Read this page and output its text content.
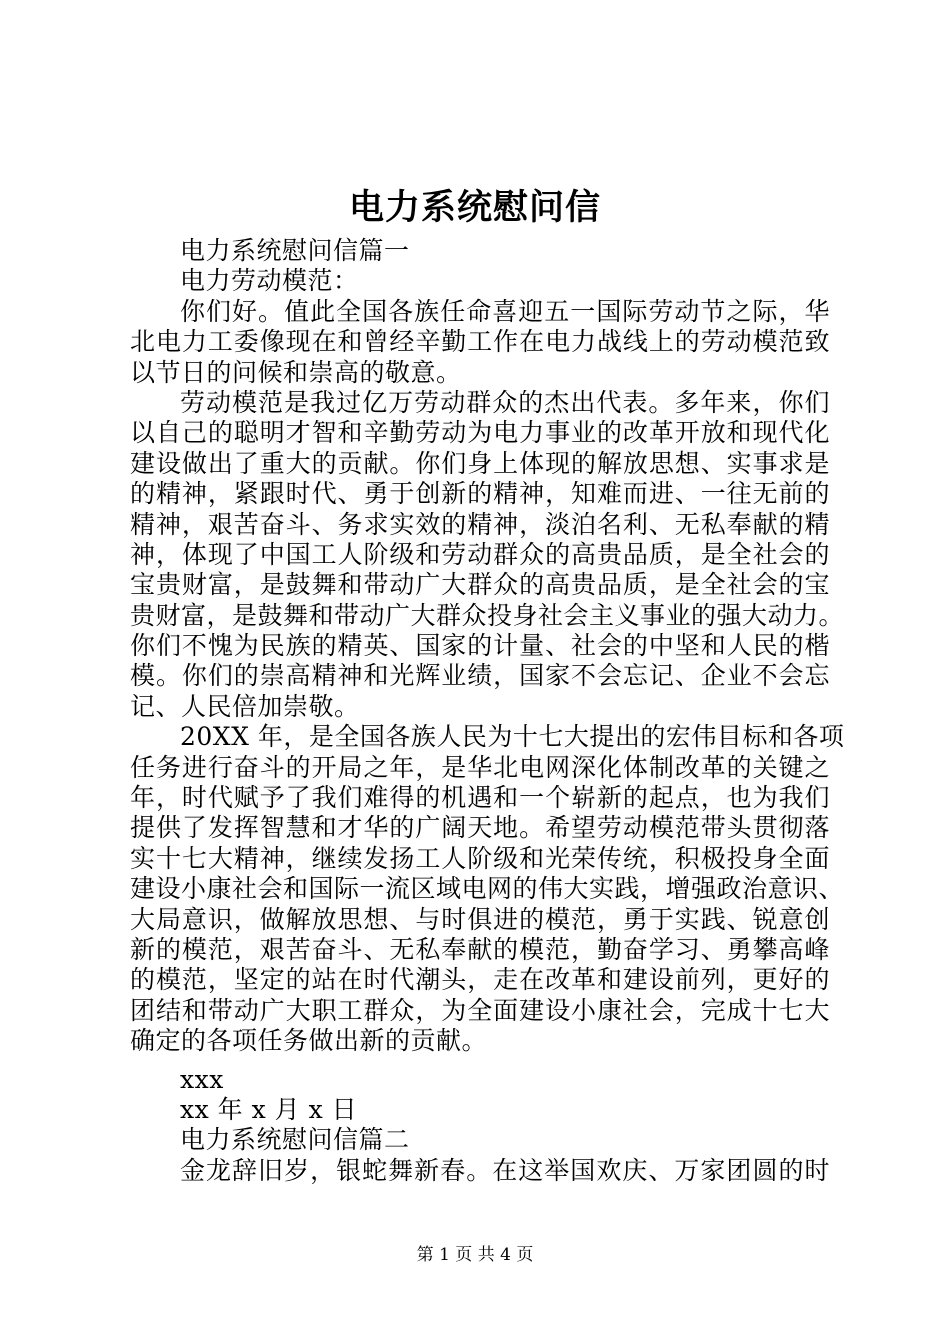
电力系统慰问信
电力系统慰问信篇一
电力劳动模范：
你们好。值此全国各族任命喜迎五一国际劳动节之际，华
北电力工委像现在和曾经辛勤工作在电力战线上的劳动模范致
以节日的问候和崇高的敬意。
劳动模范是我过亿万劳动群众的杰出代表。多年来，你们
以自己的聪明才智和辛勤劳动为电力事业的改革开放和现代化
建设做出了重大的贡献。你们身上体现的解放思想、实事求是
的精神，紧跟时代、勇于创新的精神，知难而进、一往无前的
精神，艰苦奋斗、务求实效的精神，淡泊名利、无私奉献的精
神，体现了中国工人阶级和劳动群众的高贵品质，是全社会的
宝贵财富，是鼓舞和带动广大群众的高贵品质，是全社会的宝
贵财富，是鼓舞和带动广大群众投身社会主义事业的强大动力。
你们不愧为民族的精英、国家的计量、社会的中坚和人民的楷
模。你们的崇高精神和光辉业绩，国家不会忘记、企业不会忘
记、人民倍加崇敬。
20XX 年，是全国各族人民为十七大提出的宏伟目标和各项
任务进行奋斗的开局之年，是华北电网深化体制改革的关键之
年，时代赋予了我们难得的机遇和一个崭新的起点，也为我们
提供了发挥智慧和才华的广阔天地。希望劳动模范带头贯彻落
实十七大精神，继续发扬工人阶级和光荣传统，积极投身全面
建设小康社会和国际一流区域电网的伟大实践，增强政治意识、
大局意识，做解放思想、与时俱进的模范，勇于实践、锐意创
新的模范，艰苦奋斗、无私奉献的模范，勤奋学习、勇攀高峰
的模范，坚定的站在时代潮头，走在改革和建设前列，更好的
团结和带动广大职工群众，为全面建设小康社会，完成十七大
确定的各项任务做出新的贡献。
xxx
xx 年 x 月 x 日
电力系统慰问信篇二
金龙辞旧岁，银蛇舞新春。在这举国欢庆、万家团圆的时
第 1 页 共 4 页
